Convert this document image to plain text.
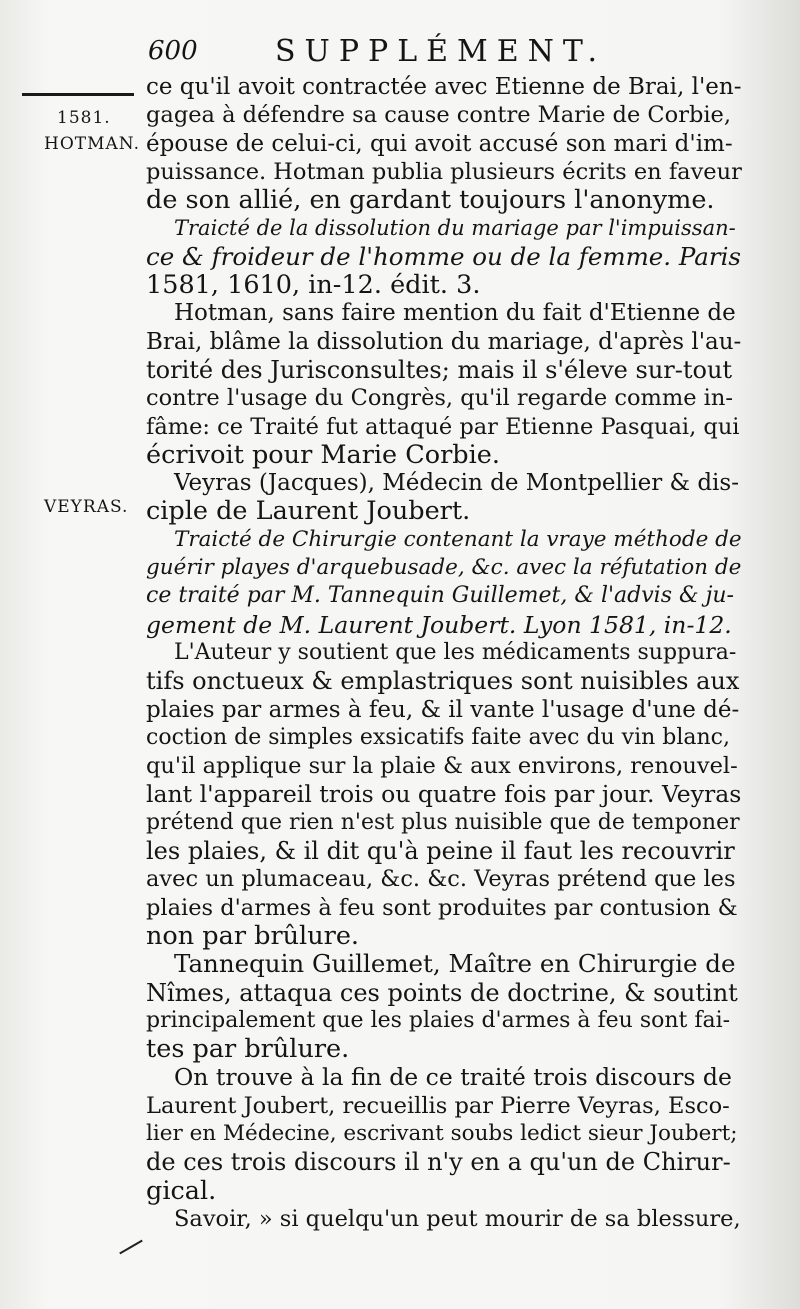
600	SUPPLÉMENT.
1581.
HOTMAN.
VEYRAS.
ce qu'il avoit contractée avec Etienne de Brai, l'en-
gagea à défendre sa cause contre Marie de Corbie,
épouse de celui-ci, qui avoit accusé son mari d'im-
puissance. Hotman publia plusieurs écrits en faveur
de son allié, en gardant toujours l'anonyme.
Traicté de la dissolution du mariage par l'impuissan-
ce & froideur de l'homme ou de la femme. Paris
1581, 1610, in-12. édit. 3.
Hotman, sans faire mention du fait d'Etienne de
Brai, blâme la dissolution du mariage, d'après l'au-
torité des Jurisconsultes; mais il s'éleve sur-tout
contre l'usage du Congrès, qu'il regarde comme in-
fâme: ce Traité fut attaqué par Etienne Pasquai, qui
écrivoit pour Marie Corbie.
Veyras (Jacques), Médecin de Montpellier & dis-
ciple de Laurent Joubert.
Traicté de Chirurgie contenant la vraye méthode de
guérir playes d'arquebusade, &c. avec la réfutation de
ce traité par M. Tannequin Guillemet, & l'advis & ju-
gement de M. Laurent Joubert. Lyon 1581, in-12.
L'Auteur y soutient que les médicaments suppura-
tifs onctueux & emplastriques sont nuisibles aux
plaies par armes à feu, & il vante l'usage d'une dé-
coction de simples exsicatifs faite avec du vin blanc,
qu'il applique sur la plaie & aux environs, renouvel-
lant l'appareil trois ou quatre fois par jour. Veyras
prétend que rien n'est plus nuisible que de temponer
les plaies, & il dit qu'à peine il faut les recouvrir
avec un plumaceau, &c. &c. Veyras prétend que les
plaies d'armes à feu sont produites par contusion &
non par brûlure.
Tannequin Guillemet, Maître en Chirurgie de
Nîmes, attaqua ces points de doctrine, & soutint
principalement que les plaies d'armes à feu sont fai-
tes par brûlure.
On trouve à la fin de ce traité trois discours de
Laurent Joubert, recueillis par Pierre Veyras, Esco-
lier en Médecine, escrivant soubs ledict sieur Joubert;
de ces trois discours il n'y en a qu'un de Chirur-
gical.
Savoir, » si quelqu'un peut mourir de sa blessure,
